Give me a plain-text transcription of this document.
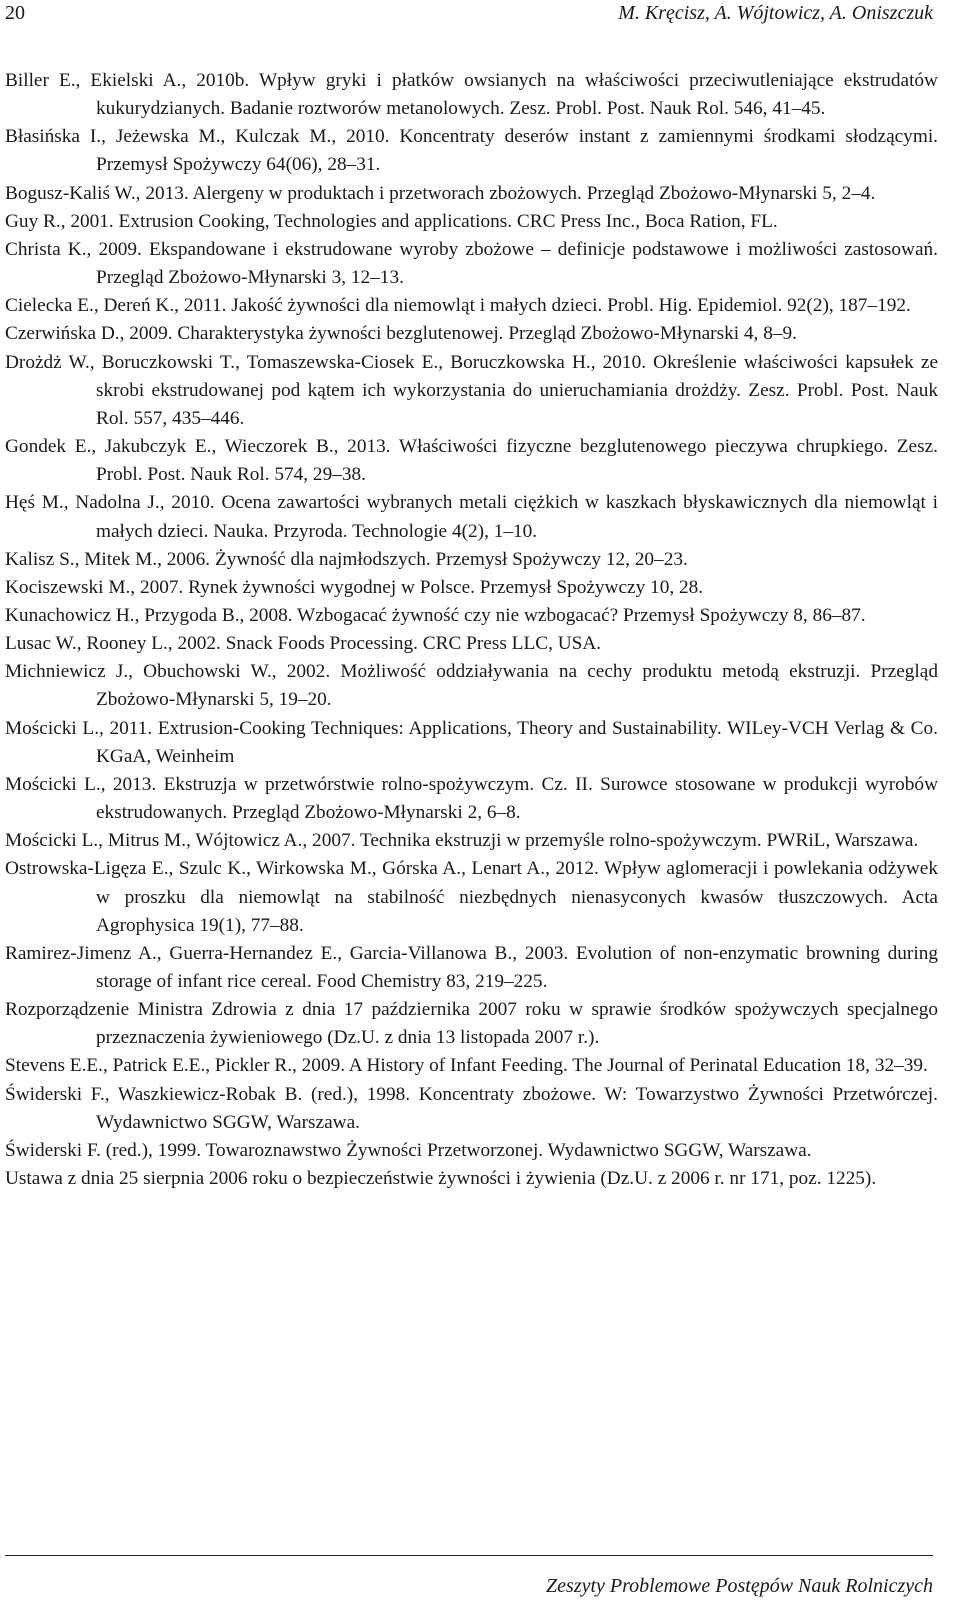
20	M. Kręcisz, A. Wójtowicz, A. Oniszczuk

Biller E., Ekielski A., 2010b. Wpływ gryki i płatków owsianych na właściwości przeciwutleniające ekstrudatów kukurydzianych. Badanie roztworów metanolowych. Zesz. Probl. Post. Nauk Rol. 546, 41–45.

Błasińska I., Jeżewska M., Kulczak M., 2010. Koncentraty deserów instant z zamiennymi środkami słodzącymi. Przemysł Spożywczy 64(06), 28–31.

Bogusz-Kaliś W., 2013. Alergeny w produktach i przetworach zbożowych. Przegląd Zbożowo-Młynarski 5, 2–4.

Guy R., 2001. Extrusion Cooking, Technologies and applications. CRC Press Inc., Boca Ration, FL.

Christa K., 2009. Ekspandowane i ekstrudowane wyroby zbożowe – definicje podstawowe i możliwości zastosowań. Przegląd Zbożowo-Młynarski 3, 12–13.

Cielecka E., Dereń K., 2011. Jakość żywności dla niemowląt i małych dzieci. Probl. Hig. Epidemiol. 92(2), 187–192.

Czerwińska D., 2009. Charakterystyka żywności bezglutenowej. Przegląd Zbożowo-Młynarski 4, 8–9.

Drożdż W., Boruczkowski T., Tomaszewska-Ciosek E., Boruczkowska H., 2010. Określenie właściwości kapsułek ze skrobi ekstrudowanej pod kątem ich wykorzystania do unieruchamiania drożdży. Zesz. Probl. Post. Nauk Rol. 557, 435–446.

Gondek E., Jakubczyk E., Wieczorek B., 2013. Właściwości fizyczne bezglutenowego pieczywa chrupkiego. Zesz. Probl. Post. Nauk Rol. 574, 29–38.

Hęś M., Nadolna J., 2010. Ocena zawartości wybranych metali ciężkich w kaszkach błyskawicznych dla niemowląt i małych dzieci. Nauka. Przyroda. Technologie 4(2), 1–10.

Kalisz S., Mitek M., 2006. Żywność dla najmłodszych. Przemysł Spożywczy 12, 20–23.

Kociszewski M., 2007. Rynek żywności wygodnej w Polsce. Przemysł Spożywczy 10, 28.

Kunachowicz H., Przygoda B., 2008. Wzbogacać żywność czy nie wzbogacać? Przemysł Spożywczy 8, 86–87.

Lusac W., Rooney L., 2002. Snack Foods Processing. CRC Press LLC, USA.

Michniewicz J., Obuchowski W., 2002. Możliwość oddziaływania na cechy produktu metodą ekstruzji. Przegląd Zbożowo-Młynarski 5, 19–20.

Mościcki L., 2011. Extrusion-Cooking Techniques: Applications, Theory and Sustainability. WILey-VCH Verlag & Co. KGaA, Weinheim

Mościcki L., 2013. Ekstruzja w przetwórstwie rolno-spożywczym. Cz. II. Surowce stosowane w produkcji wyrobów ekstrudowanych. Przegląd Zbożowo-Młynarski 2, 6–8.

Mościcki L., Mitrus M., Wójtowicz A., 2007. Technika ekstruzji w przemyśle rolno-spożywczym. PWRiL, Warszawa.

Ostrowska-Ligęza E., Szulc K., Wirkowska M., Górska A., Lenart A., 2012. Wpływ aglomeracji i powlekania odżywek w proszku dla niemowląt na stabilność niezbędnych nienasyconych kwasów tłuszczowych. Acta Agrophysica 19(1), 77–88.

Ramirez-Jimenz A., Guerra-Hernandez E., Garcia-Villanowa B., 2003. Evolution of non-enzymatic browning during storage of infant rice cereal. Food Chemistry 83, 219–225.

Rozporządzenie Ministra Zdrowia z dnia 17 października 2007 roku w sprawie środków spożywczych specjalnego przeznaczenia żywieniowego (Dz.U. z dnia 13 listopada 2007 r.).

Stevens E.E., Patrick E.E., Pickler R., 2009. A History of Infant Feeding. The Journal of Perinatal Education 18, 32–39.

Świderski F., Waszkiewicz-Robak B. (red.), 1998. Koncentraty zbożowe. W: Towarzystwo Żywności Przetwórczej. Wydawnictwo SGGW, Warszawa.

Świderski F. (red.), 1999. Towaroznawstwo Żywności Przetworzonej. Wydawnictwo SGGW, Warszawa.

Ustawa z dnia 25 sierpnia 2006 roku o bezpieczeństwie żywności i żywienia (Dz.U. z 2006 r. nr 171, poz. 1225).

Zeszyty Problemowe Postępów Nauk Rolniczych
